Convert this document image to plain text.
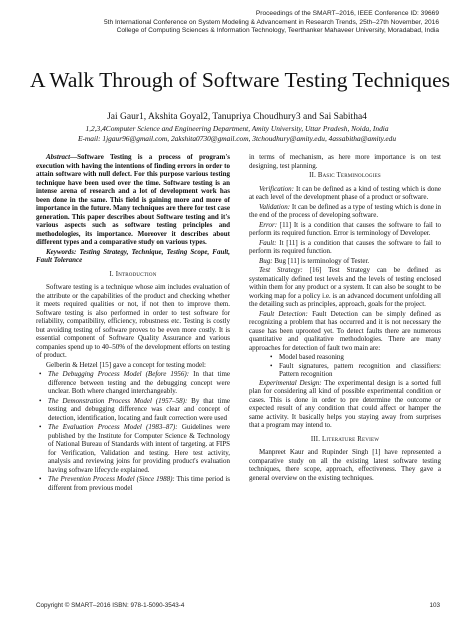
Proceedings of the SMART–2016, IEEE Conference ID: 39669
5th International Conference on System Modeling & Advancement in Research Trends, 25th–27th November, 2016
College of Computing Sciences & Information Technology, Teerthanker Mahaveer University, Moradabad, India
A Walk Through of Software Testing Techniques
Jai Gaur1, Akshita Goyal2, Tanupriya Choudhury3 and Sai Sabitha4
1,2,3,4Computer Science and Engineering Department, Amity University, Uttar Pradesh, Noida, India
E-mail: 1jgaur96@gmail.com, 2akshita0730@gmail.com, 3tchoudhury@amity.edu, 4assabitha@amity.edu

Abstract—Software Testing is a process of program's execution with having the intentions of finding errors in order to attain software with null defect. For this purpose various testing technique have been used over the time. Software testing is an intense arena of research and a lot of development work has been done in the same. This field is gaining more and more of importance in the future. Many techniques are there for test case generation. This paper describes about Software testing and it's various aspects such as software testing principles and methodologies, its importance. Moreover it describes about different types and a comparative study on various types.

Keywords: Testing Strategy, Technique, Testing Scope, Fault, Fault Tolerance

I. Introduction

Software testing is a technique whose aim includes evaluation of the attribute or the capabilities of the product and checking whether it meets required qualities or not, if not then to improve them. Software testing is also performed in order to test software for reliability, compatibility, efficiency, robustness etc. Testing is costly but avoiding testing of software proves to be even more costly. It is essential component of Software Quality Assurance and various companies spend up to 40–50% of the development efforts on testing of product.

Gelberin & Hetzel [15] gave a concept for testing model:

• The Debugging Process Model (Before 1956): In that time difference between testing and the debugging concept were unclear. Both where changed interchangeably.
• The Demonstration Process Model (1957–58): By that time testing and debugging difference was clear and concept of detection, identification, locating and fault correction were used
• The Evaluation Process Model (1983–87): Guidelines were published by the Institute for Computer Science & Technology of National Bureau of Standards with intent of targeting. at FIPS for Verification, Validation and testing. Here test activity, analysis and reviewing joins for providing product's evaluation having software lifecycle explained.
• The Prevention Process Model (Since 1988): This time period is different from previous model

in terms of mechanism, as here more importance is on test designing, test planning.

II. Basic Terminologies

Verification: It can be defined as a kind of testing which is done at each level of the development phase of a product or software.

Validation: It can be defined as a type of testing which is done in the end of the process of developing software.

Error: [11] It is a condition that causes the software to fail to perform its required function. Error is terminology of Developer.

Fault: It [11] is a condition that causes the software to fail to perform its required function.

Bug: Bug [11] is terminology of Tester.

Test Strategy: [16] Test Strategy can be defined as systematically defined test levels and the levels of testing enclosed within them for any product or a system. It can also be sought to be working map for a policy i.e. is an advanced document unfolding all the detailing such as principles, approach, goals for the project.

Fault Detection: Fault Detection can be simply defined as recognizing a problem that has occurred and it is not necessary the cause has been uprooted yet. To detect faults there are numerous quantitative and qualitative methodologies. There are many approaches for detection of fault two main are:

• Model based reasoning
• Fault signatures, pattern recognition and classifiers: Pattern recognition

Experimental Design: The experimental design is a sorted full plan for considering all kind of possible experimental condition or cases. This is done in order to pre determine the outcome or expected result of any condition that could affect or hamper the same activity. It basically helps you staying away from surprises that a program may intend to.

III. Literature Review

Manpreet Kaur and Rupinder Singh [1] have represented a comparative study on all the existing latest software testing techniques, there scope, approach, effectiveness. They gave a general overview on the existing techniques.

Copyright © SMART–2016 ISBN: 978-1-5090-3543-4	103
